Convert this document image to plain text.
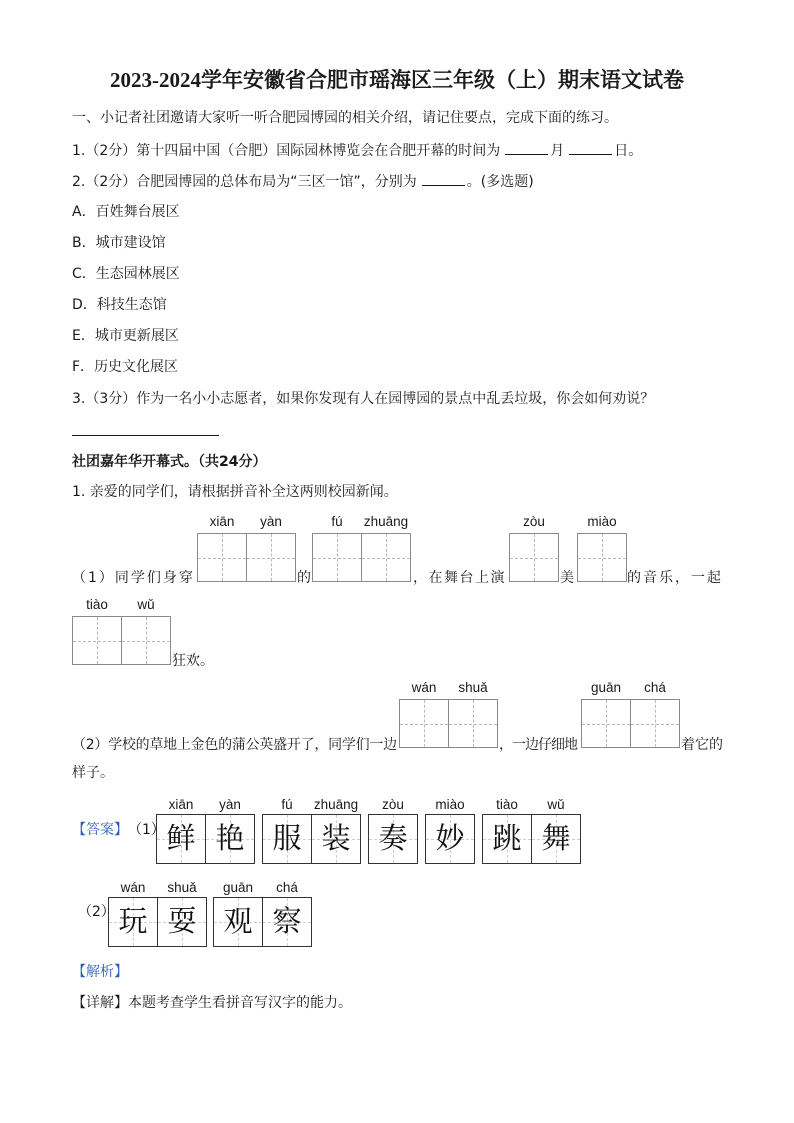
2023-2024学年安徽省合肥市瑶海区三年级（上）期末语文试卷
一、小记者社团邀请大家听一听合肥园博园的相关介绍，请记住要点，完成下面的练习。
1.（2分）第十四届中国（合肥）国际园林博览会在合肥开幕的时间为	月	日。
2.（2分）合肥园博园的总体布局为“三区一馆”，分别为	。(多选题)
A．百姓舞台展区
B．城市建设馆
C．生态园林展区
D．科技生态馆
E．城市更新展区
F．历史文化展区
3.（3分）作为一名小小志愿者，如果你发现有人在园博园的景点中乱丢垃圾，你会如何劝说？
社团嘉年华开幕式。（共24分）
1. 亲爱的同学们，请根据拼音补全这两则校园新闻。
（1）同学们身穿
xiān	yàn
的
fú	zhuāng
，在舞台上演
zòu
美
miào
的音乐，一起
tiào	wǔ
狂欢。
（2）学校的草地上金色的蒲公英盛开了，同学们一边
wán	shuǎ
，一边仔细地
guān	chá
着它的
样子。
【答案】 （1）
xiān
鲜
yàn
艳
fú
服
zhuāng
装
zòu
奏
miào
妙
tiào
跳
wǔ
舞
（2）
wán
玩
shuǎ
耍
guān
观
chá
察
【解析】
【详解】本题考查学生看拼音写汉字的能力。
